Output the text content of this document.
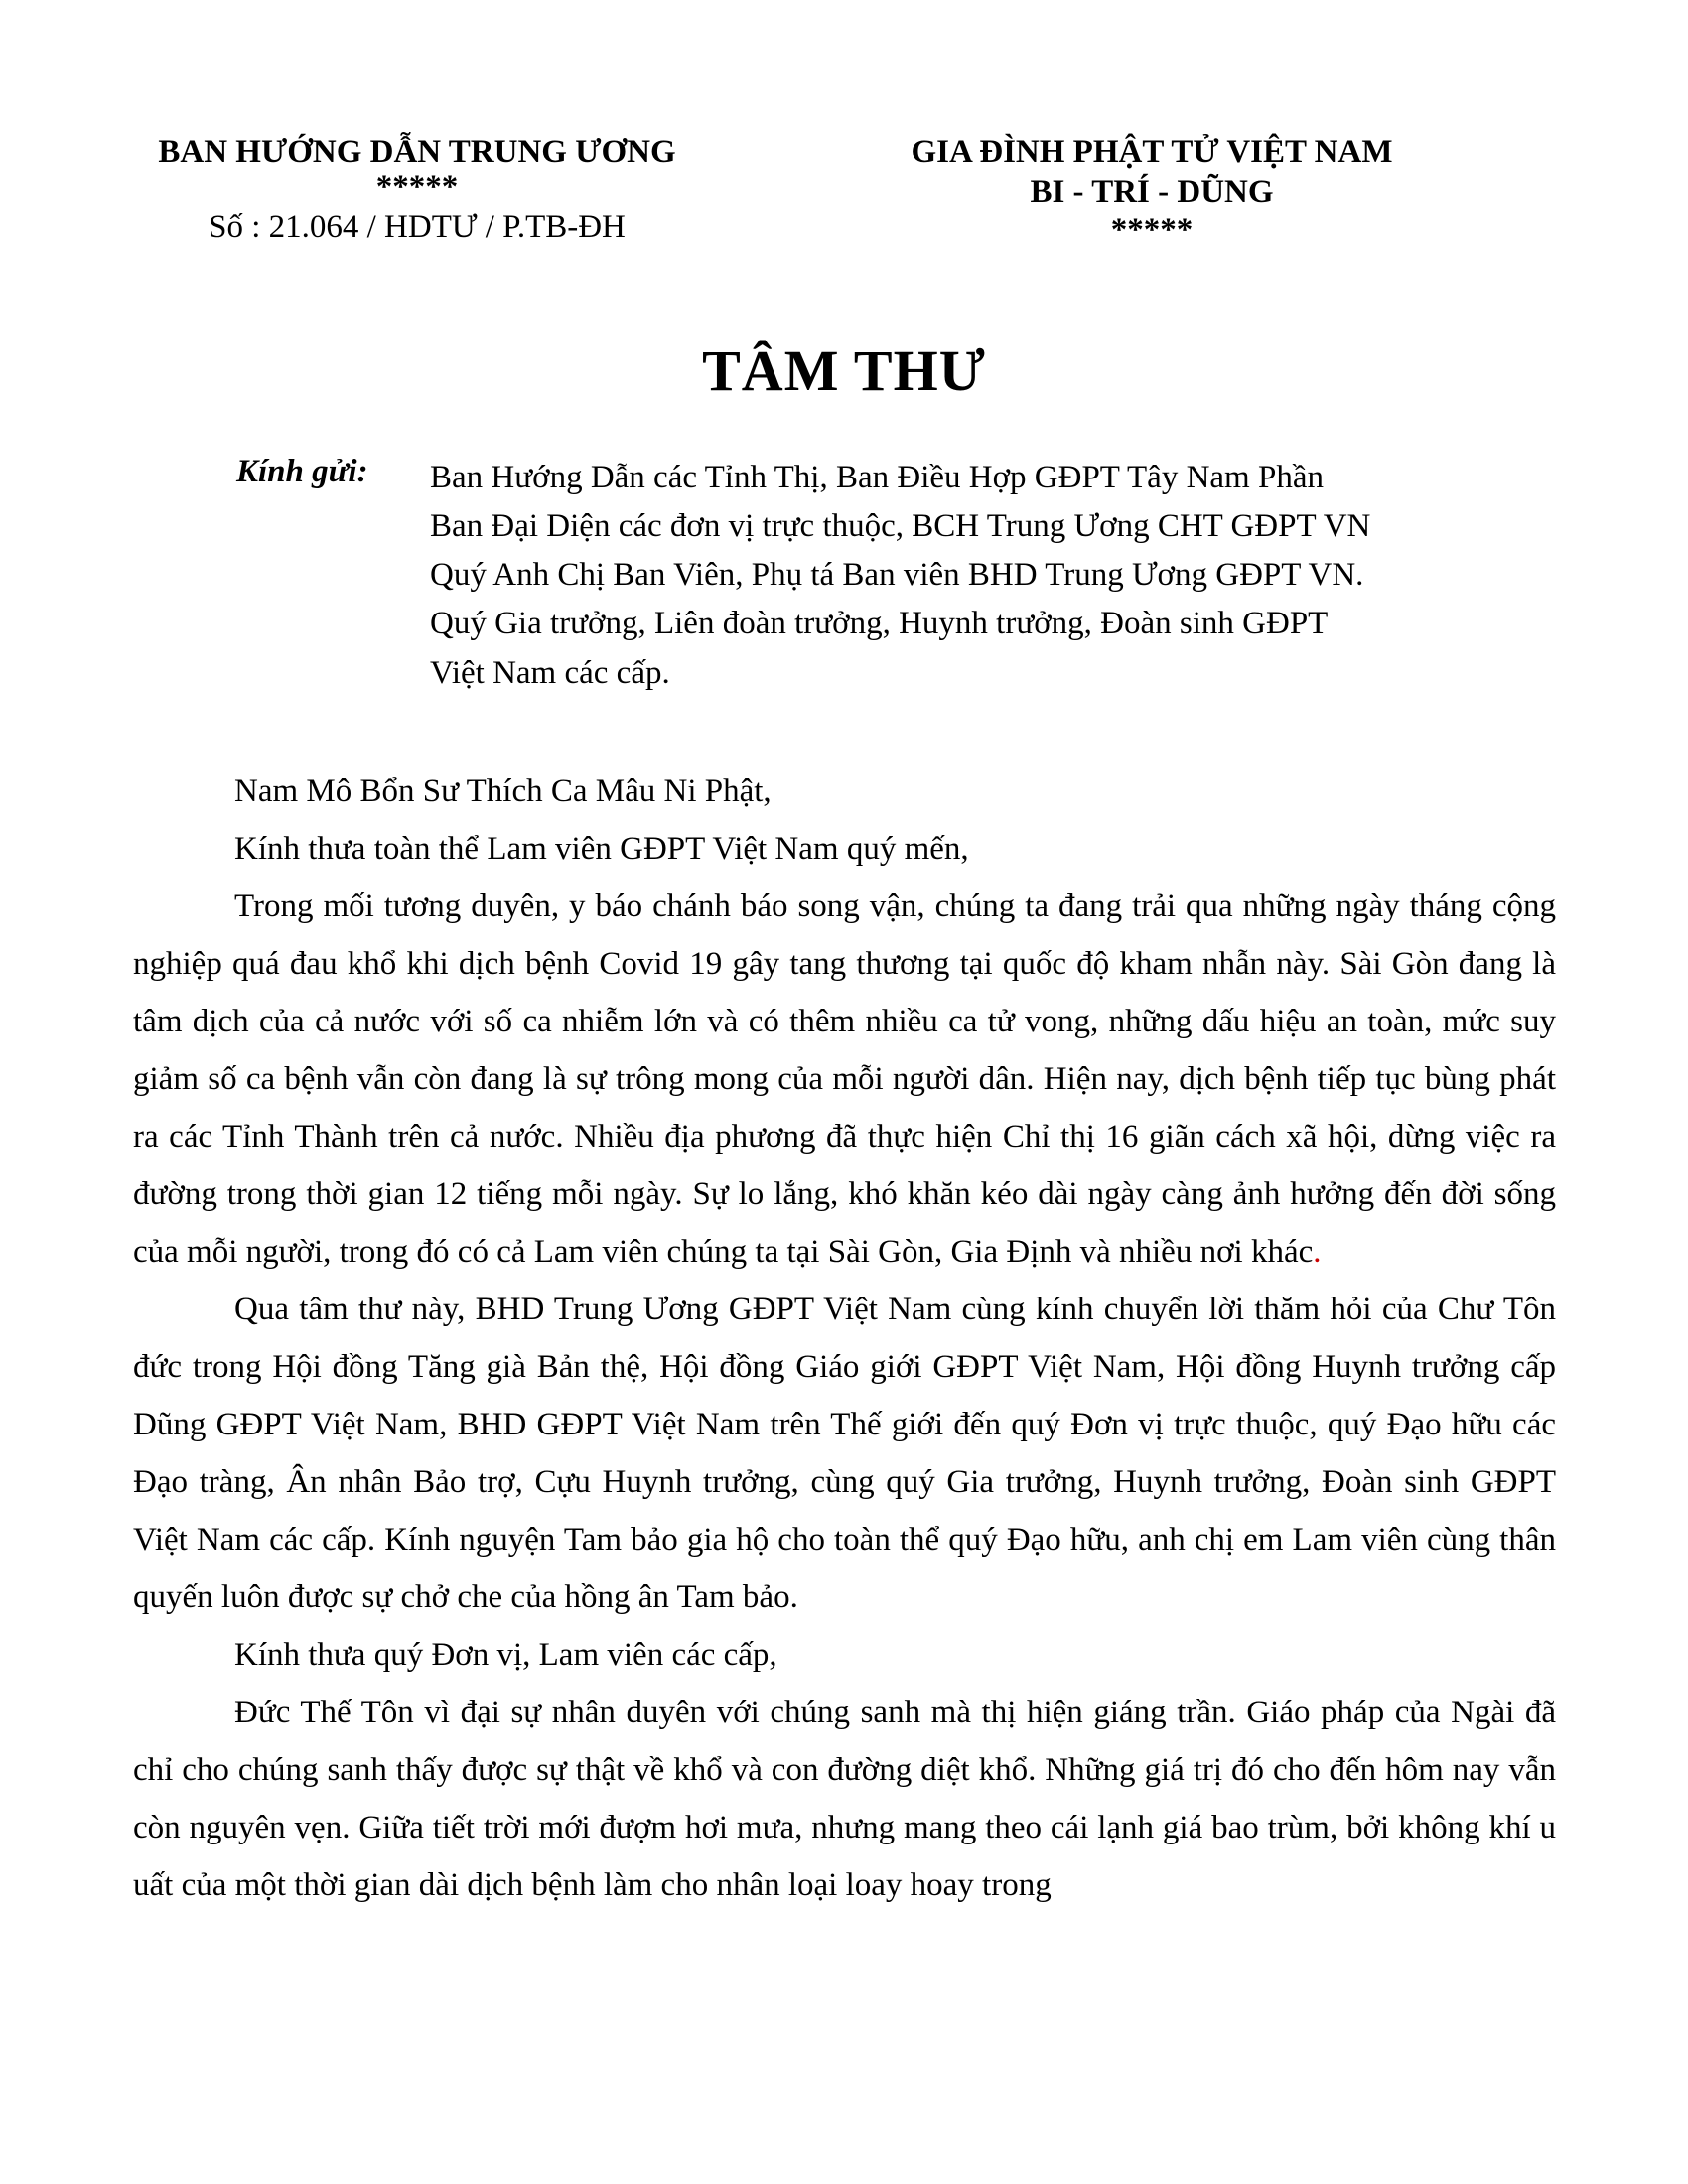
BAN HƯỚNG DẪN TRUNG ƯƠNG
*****
Số : 21.064 / HDTƯ / P.TB-ĐH
GIA ĐÌNH PHẬT TỬ VIỆT NAM
BI - TRÍ - DŨNG
*****
TÂM THƯ
Kính gửi: Ban Hướng Dẫn các Tỉnh Thị, Ban Điều Hợp GĐPT Tây Nam Phần
Ban Đại Diện các đơn vị trực thuộc, BCH Trung Ương CHT GĐPT VN
Quý Anh Chị Ban Viên, Phụ tá Ban viên BHD Trung Ương GĐPT VN.
Quý Gia trưởng, Liên đoàn trưởng, Huynh trưởng, Đoàn sinh GĐPT
Việt Nam các cấp.

Nam Mô Bổn Sư Thích Ca Mâu Ni Phật,

Kính thưa toàn thể Lam viên GĐPT Việt Nam quý mến,

Trong mối tương duyên, y báo chánh báo song vận, chúng ta đang trải qua những ngày tháng cộng nghiệp quá đau khổ khi dịch bệnh Covid 19 gây tang thương tại quốc độ kham nhẫn này. Sài Gòn đang là tâm dịch của cả nước với số ca nhiễm lớn và có thêm nhiều ca tử vong, những dấu hiệu an toàn, mức suy giảm số ca bệnh vẫn còn đang là sự trông mong của mỗi người dân. Hiện nay, dịch bệnh tiếp tục bùng phát ra các Tỉnh Thành trên cả nước. Nhiều địa phương đã thực hiện Chỉ thị 16 giãn cách xã hội, dừng việc ra đường trong thời gian 12 tiếng mỗi ngày. Sự lo lắng, khó khăn kéo dài ngày càng ảnh hưởng đến đời sống của mỗi người, trong đó có cả Lam viên chúng ta tại Sài Gòn, Gia Định và nhiều nơi khác.

Qua tâm thư này, BHD Trung Ương GĐPT Việt Nam cùng kính chuyển lời thăm hỏi của Chư Tôn đức trong Hội đồng Tăng già Bản thệ, Hội đồng Giáo giới GĐPT Việt Nam, Hội đồng Huynh trưởng cấp Dũng GĐPT Việt Nam, BHD GĐPT Việt Nam trên Thế giới đến quý Đơn vị trực thuộc, quý Đạo hữu các Đạo tràng, Ân nhân Bảo trợ, Cựu Huynh trưởng, cùng quý Gia trưởng, Huynh trưởng, Đoàn sinh GĐPT Việt Nam các cấp. Kính nguyện Tam bảo gia hộ cho toàn thể quý Đạo hữu, anh chị em Lam viên cùng thân quyến luôn được sự chở che của hồng ân Tam bảo.

Kính thưa quý Đơn vị, Lam viên các cấp,

Đức Thế Tôn vì đại sự nhân duyên với chúng sanh mà thị hiện giáng trần. Giáo pháp của Ngài đã chỉ cho chúng sanh thấy được sự thật về khổ và con đường diệt khổ. Những giá trị đó cho đến hôm nay vẫn còn nguyên vẹn. Giữa tiết trời mới đượm hơi mưa, nhưng mang theo cái lạnh giá bao trùm, bởi không khí u uất của một thời gian dài dịch bệnh làm cho nhân loại loay hoay trong
